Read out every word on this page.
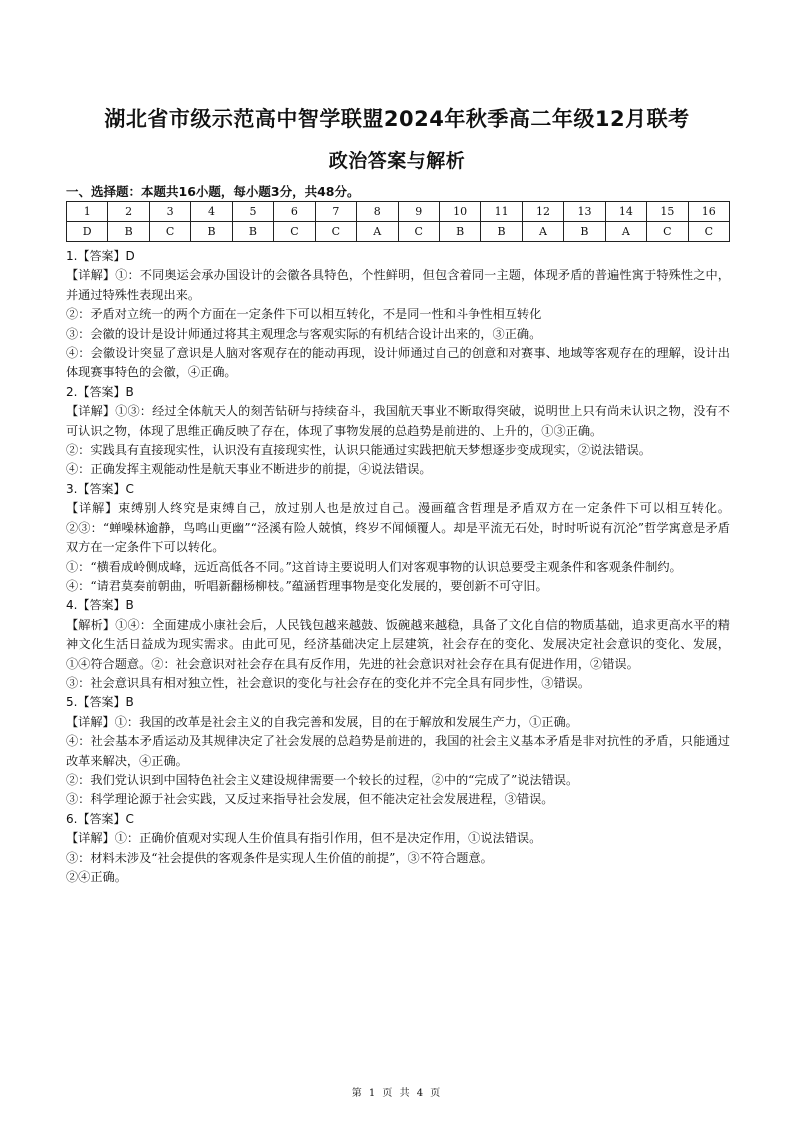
湖北省市级示范高中智学联盟2024年秋季高二年级12月联考
政治答案与解析
一、选择题：本题共16小题，每小题3分，共48分。
1	2	3	4	5	6	7	8	9	10	11	12	13	14	15	16
D	B	C	B	B	C	C	A	C	B	B	A	B	A	C	C

1.【答案】D

【详解】①：不同奥运会承办国设计的会徽各具特色，个性鲜明，但包含着同一主题，体现矛盾的普遍性寓于特殊性之中，并通过特殊性表现出来。

②：矛盾对立统一的两个方面在一定条件下可以相互转化，不是同一性和斗争性相互转化

③：会徽的设计是设计师通过将其主观理念与客观实际的有机结合设计出来的，③正确。

④：会徽设计突显了意识是人脑对客观存在的能动再现，设计师通过自己的创意和对赛事、地域等客观存在的理解，设计出体现赛事特色的会徽，④正确。

2.【答案】B

【详解】①③：经过全体航天人的刻苦钻研与持续奋斗，我国航天事业不断取得突破，说明世上只有尚未认识之物，没有不可认识之物，体现了思维正确反映了存在，体现了事物发展的总趋势是前进的、上升的，①③正确。

②：实践具有直接现实性，认识没有直接现实性，认识只能通过实践把航天梦想逐步变成现实，②说法错误。

④：正确发挥主观能动性是航天事业不断进步的前提，④说法错误。

3.【答案】C

【详解】束缚别人终究是束缚自己，放过别人也是放过自己。漫画蕴含哲理是矛盾双方在一定条件下可以相互转化。②③：“蝉噪林逾静，鸟鸣山更幽”“泾溪有险人兢慎，终岁不闻倾覆人。却是平流无石处，时时听说有沉沦”哲学寓意是矛盾双方在一定条件下可以转化。

①：“横看成岭侧成峰，远近高低各不同。”这首诗主要说明人们对客观事物的认识总要受主观条件和客观条件制约。

④：“请君莫奏前朝曲，听唱新翻杨柳枝。”蕴涵哲理事物是变化发展的，要创新不可守旧。

4.【答案】B

【解析】①④：全面建成小康社会后，人民钱包越来越鼓、饭碗越来越稳，具备了文化自信的物质基础，追求更高水平的精神文化生活日益成为现实需求。由此可见，经济基础决定上层建筑，社会存在的变化、发展决定社会意识的变化、发展，①④符合题意。②：社会意识对社会存在具有反作用，先进的社会意识对社会存在具有促进作用，②错误。

③：社会意识具有相对独立性，社会意识的变化与社会存在的变化并不完全具有同步性，③错误。

5.【答案】B

【详解】①：我国的改革是社会主义的自我完善和发展，目的在于解放和发展生产力，①正确。

④：社会基本矛盾运动及其规律决定了社会发展的总趋势是前进的，我国的社会主义基本矛盾是非对抗性的矛盾，只能通过改革来解决，④正确。

②：我们党认识到中国特色社会主义建设规律需要一个较长的过程，②中的“完成了”说法错误。

③：科学理论源于社会实践，又反过来指导社会发展，但不能决定社会发展进程，③错误。

6.【答案】C

【详解】①：正确价值观对实现人生价值具有指引作用，但不是决定作用，①说法错误。

③：材料未涉及“社会提供的客观条件是实现人生价值的前提”，③不符合题意。

②④正确。

第 1 页 共 4 页
